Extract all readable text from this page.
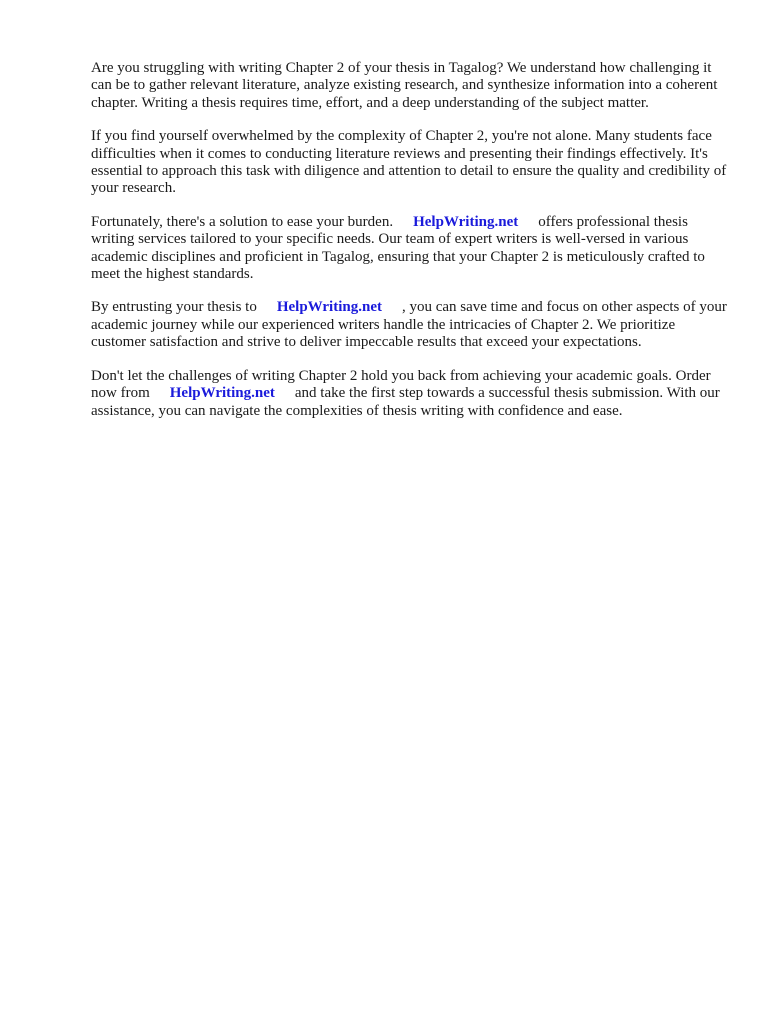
Are you struggling with writing Chapter 2 of your thesis in Tagalog? We understand how challenging it can be to gather relevant literature, analyze existing research, and synthesize information into a coherent chapter. Writing a thesis requires time, effort, and a deep understanding of the subject matter.

If you find yourself overwhelmed by the complexity of Chapter 2, you're not alone. Many students face difficulties when it comes to conducting literature reviews and presenting their findings effectively. It's essential to approach this task with diligence and attention to detail to ensure the quality and credibility of your research.

Fortunately, there's a solution to ease your burden. HelpWriting.net offers professional thesis writing services tailored to your specific needs. Our team of expert writers is well-versed in various academic disciplines and proficient in Tagalog, ensuring that your Chapter 2 is meticulously crafted to meet the highest standards.

By entrusting your thesis to HelpWriting.net , you can save time and focus on other aspects of your academic journey while our experienced writers handle the intricacies of Chapter 2. We prioritize customer satisfaction and strive to deliver impeccable results that exceed your expectations.

Don't let the challenges of writing Chapter 2 hold you back from achieving your academic goals. Order now from HelpWriting.net and take the first step towards a successful thesis submission. With our assistance, you can navigate the complexities of thesis writing with confidence and ease.
